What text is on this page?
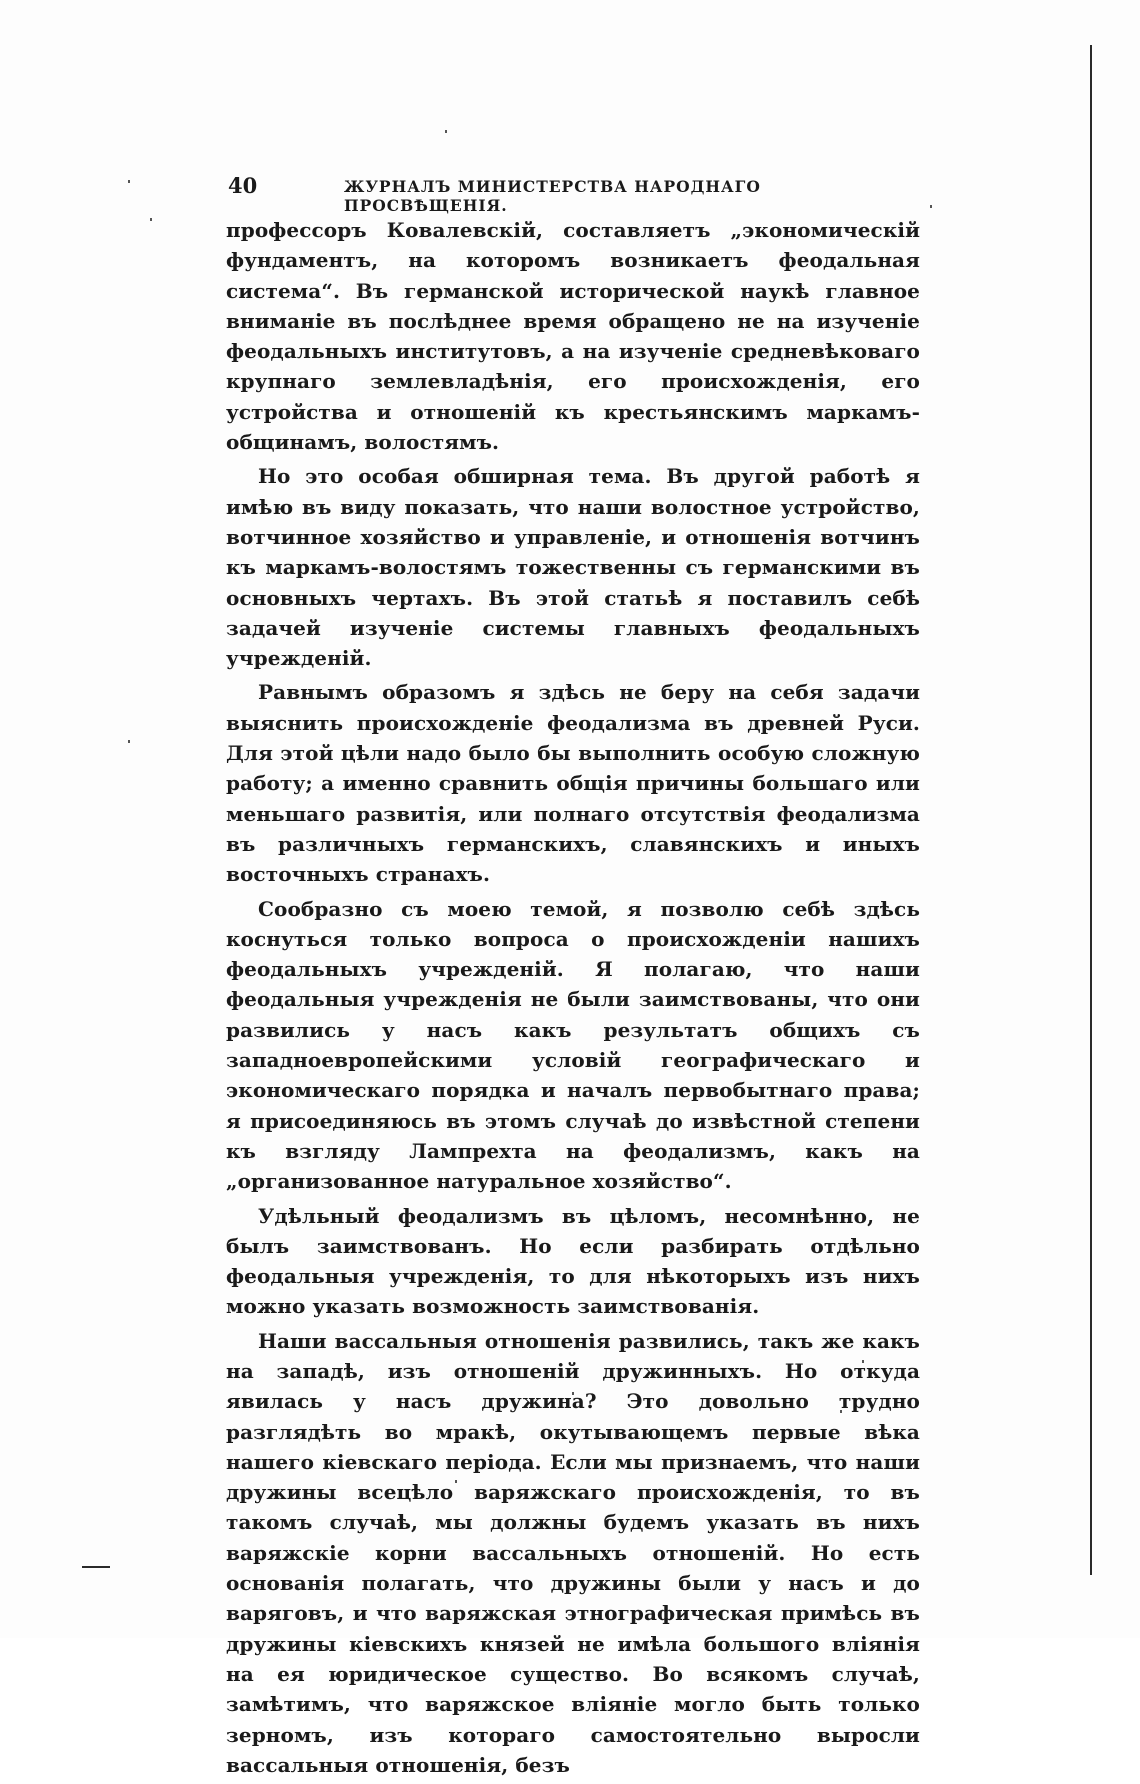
40	ЖУРНАЛЪ МИНИСТЕРСТВА НАРОДНАГО ПРОСВѢЩЕНІЯ.

профессоръ Ковалевскій, составляетъ „экономическій фундаментъ, на которомъ возникаетъ феодальная система“. Въ германской исторической наукѣ главное вниманіе въ послѣднее время обращено не на изученіе феодальныхъ институтовъ, а на изученіе средневѣковаго крупнаго землевладѣнія, его происхожденія, его устройства и отношеній къ крестьянскимъ маркамъ-общинамъ, волостямъ.

Но это особая обширная тема. Въ другой работѣ я имѣю въ виду показать, что наши волостное устройство, вотчинное хозяйство и управленіе, и отношенія вотчинъ къ маркамъ-волостямъ тожественны съ германскими въ основныхъ чертахъ. Въ этой статьѣ я поставилъ себѣ задачей изученіе системы главныхъ феодальныхъ учрежденій.

Равнымъ образомъ я здѣсь не беру на себя задачи выяснить происхожденіе феодализма въ древней Руси. Для этой цѣли надо было бы выполнить особую сложную работу; а именно сравнить общія причины большаго или меньшаго развитія, или полнаго отсутствія феодализма въ различныхъ германскихъ, славянскихъ и иныхъ восточныхъ странахъ.

Сообразно съ моею темой, я позволю себѣ здѣсь коснуться только вопроса о происхожденіи нашихъ феодальныхъ учрежденій. Я полагаю, что наши феодальныя учрежденія не были заимствованы, что они развились у насъ какъ результатъ общихъ съ западноевропейскими условій географическаго и экономическаго порядка и началъ первобытнаго права; я присоединяюсь въ этомъ случаѣ до извѣстной степени къ взгляду Лампрехта на феодализмъ, какъ на „организованное натуральное хозяйство“.

Удѣльный феодализмъ въ цѣломъ, несомнѣнно, не былъ заимствованъ. Но если разбирать отдѣльно феодальныя учрежденія, то для нѣкоторыхъ изъ нихъ можно указать возможность заимствованія.

Наши вассальныя отношенія развились, такъ же какъ на западѣ, изъ отношеній дружинныхъ. Но откуда явилась у насъ дружина? Это довольно трудно разглядѣть во мракѣ, окутывающемъ первые вѣка нашего кіевскаго періода. Если мы признаемъ, что наши дружины всецѣло варяжскаго происхожденія, то въ такомъ случаѣ, мы должны будемъ указать въ нихъ варяжскіе корни вассальныхъ отношеній. Но есть основанія полагать, что дружины были у насъ и до варяговъ, и что варяжская этнографическая примѣсь въ дружины кіевскихъ князей не имѣла большого вліянія на ея юридическое существо. Во всякомъ случаѣ, замѣтимъ, что варяжское вліяніе могло быть только зерномъ, изъ котораго самостоятельно выросли вассальныя отношенія, безъ
